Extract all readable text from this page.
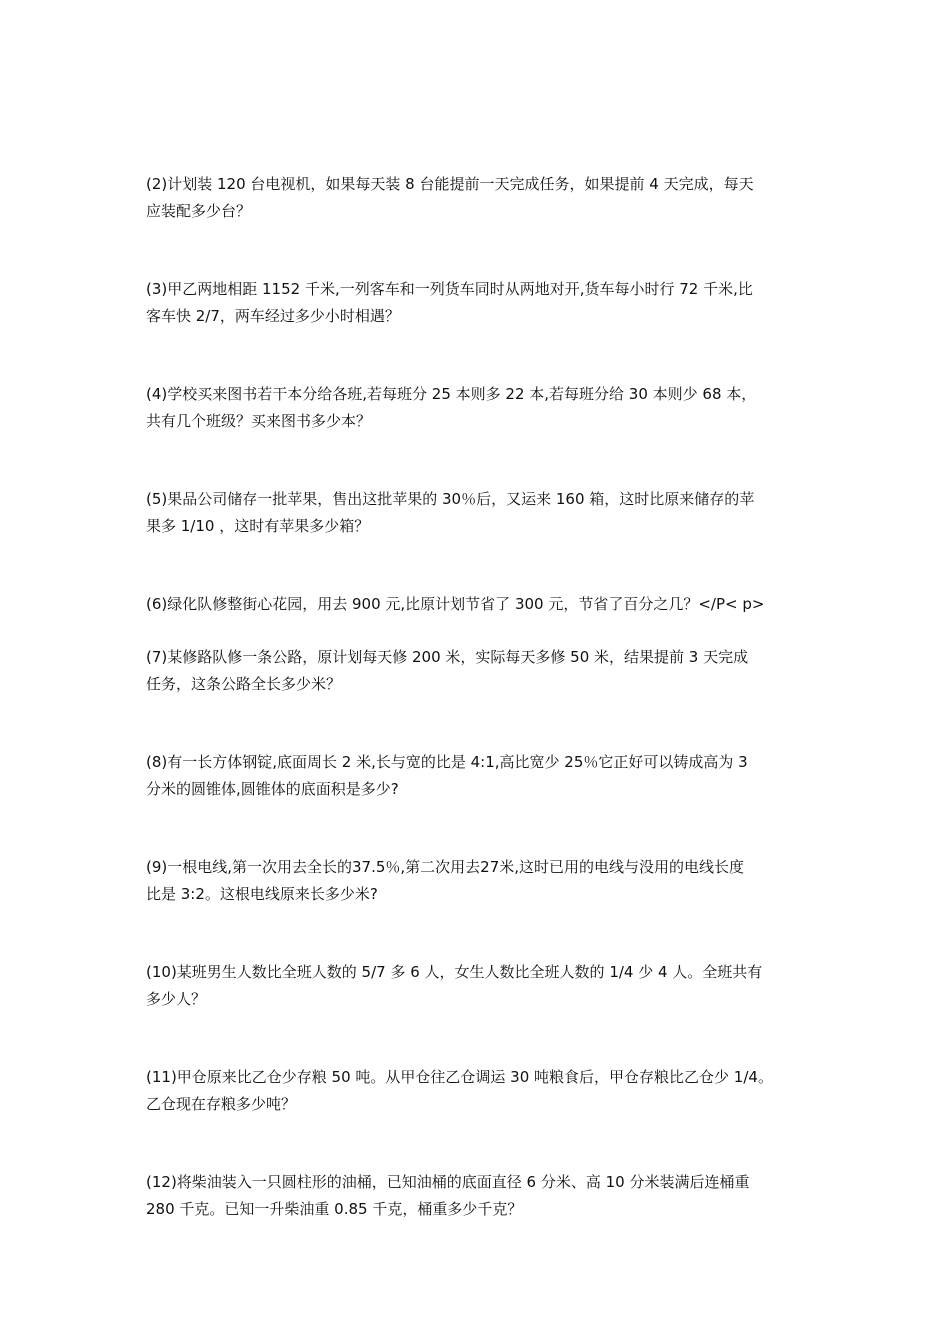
(2)计划装 120 台电视机，如果每天装 8 台能提前一天完成任务，如果提前 4 天完成，每天
应装配多少台？

(3)甲乙两地相距 1152 千米,一列客车和一列货车同时从两地对开,货车每小时行 72 千米,比
客车快 2/7，两车经过多少小时相遇？

(4)学校买来图书若干本分给各班,若每班分 25 本则多 22 本,若每班分给 30 本则少 68 本，
共有几个班级？买来图书多少本？

(5)果品公司储存一批苹果，售出这批苹果的 30％后，又运来 160 箱，这时比原来储存的苹
果多 1/10 ，这时有苹果多少箱？

(6)绿化队修整街心花园，用去 900 元,比原计划节省了 300 元，节省了百分之几？</P< p>

(7)某修路队修一条公路，原计划每天修 200 米，实际每天多修 50 米，结果提前 3 天完成
任务，这条公路全长多少米？

(8)有一长方体钢锭,底面周长 2 米,长与宽的比是 4:1,高比宽少 25％它正好可以铸成高为 3
分米的圆锥体,圆锥体的底面积是多少?

(9)一根电线,第一次用去全长的37.5％,第二次用去27米,这时已用的电线与没用的电线长度
比是 3:2。这根电线原来长多少米?

(10)某班男生人数比全班人数的 5/7 多 6 人，女生人数比全班人数的 1/4 少 4 人。全班共有
多少人？

(11)甲仓原来比乙仓少存粮 50 吨。从甲仓往乙仓调运 30 吨粮食后，甲仓存粮比乙仓少 1/4。
乙仓现在存粮多少吨？

(12)将柴油装入一只圆柱形的油桶，已知油桶的底面直径 6 分米、高 10 分米装满后连桶重
280 千克。已知一升柴油重 0.85 千克，桶重多少千克？
